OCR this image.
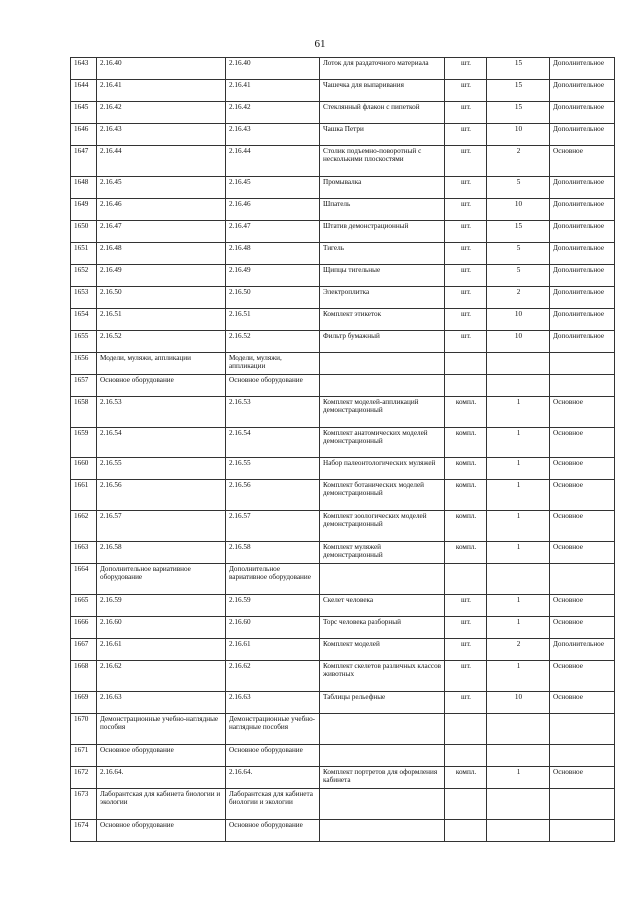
61
1643	2.16.40	2.16.40	Лоток для раздаточного материала	шт.	15	Дополнительное
1644	2.16.41	2.16.41	Чашечка для выпаривания	шт.	15	Дополнительное
1645	2.16.42	2.16.42	Стеклянный флакон с пипеткой	шт.	15	Дополнительное
1646	2.16.43	2.16.43	Чашка Петри	шт.	10	Дополнительное
1647	2.16.44	2.16.44	Столик подъемно-поворотный с несколькими плоскостями	шт.	2	Основное
1648	2.16.45	2.16.45	Промывалка	шт.	5	Дополнительное
1649	2.16.46	2.16.46	Шпатель	шт.	10	Дополнительное
1650	2.16.47	2.16.47	Штатив демонстрационный	шт.	15	Дополнительное
1651	2.16.48	2.16.48	Тигель	шт.	5	Дополнительное
1652	2.16.49	2.16.49	Щипцы тигельные	шт.	5	Дополнительное
1653	2.16.50	2.16.50	Электроплитка	шт.	2	Дополнительное
1654	2.16.51	2.16.51	Комплект этикеток	шт.	10	Дополнительное
1655	2.16.52	2.16.52	Фильтр бумажный	шт.	10	Дополнительное
1656	Модели, муляжи, аппликации	Модели, муляжи, аппликации				
1657	Основное оборудование	Основное оборудование				
1658	2.16.53	2.16.53	Комплект моделей-аппликаций демонстрационный	компл.	1	Основное
1659	2.16.54	2.16.54	Комплект анатомических моделей демонстрационный	компл.	1	Основное
1660	2.16.55	2.16.55	Набор палеонтологических муляжей	компл.	1	Основное
1661	2.16.56	2.16.56	Комплект ботанических моделей демонстрационный	компл.	1	Основное
1662	2.16.57	2.16.57	Комплект зоологических моделей демонстрационный	компл.	1	Основное
1663	2.16.58	2.16.58	Комплект муляжей демонстрационный	компл.	1	Основное
1664	Дополнительное вариативное оборудование	Дополнительное вариативное оборудование				
1665	2.16.59	2.16.59	Скелет человека	шт.	1	Основное
1666	2.16.60	2.16.60	Торс человека разборный	шт.	1	Основное
1667	2.16.61	2.16.61	Комплект моделей	шт.	2	Дополнительное
1668	2.16.62	2.16.62	Комплект скелетов различных классов животных	шт.	1	Основное
1669	2.16.63	2.16.63	Таблицы рельефные	шт.	10	Основное
1670	Демонстрационные учебно-наглядные пособия	Демонстрационные учебно-наглядные пособия				
1671	Основное оборудование	Основное оборудование				
1672	2.16.64.	2.16.64.	Комплект портретов для оформления кабинета	компл.	1	Основное
1673	Лаборантская для кабинета биологии и экологии	Лаборантская для кабинета биологии и экологии				
1674	Основное оборудование	Основное оборудование				
